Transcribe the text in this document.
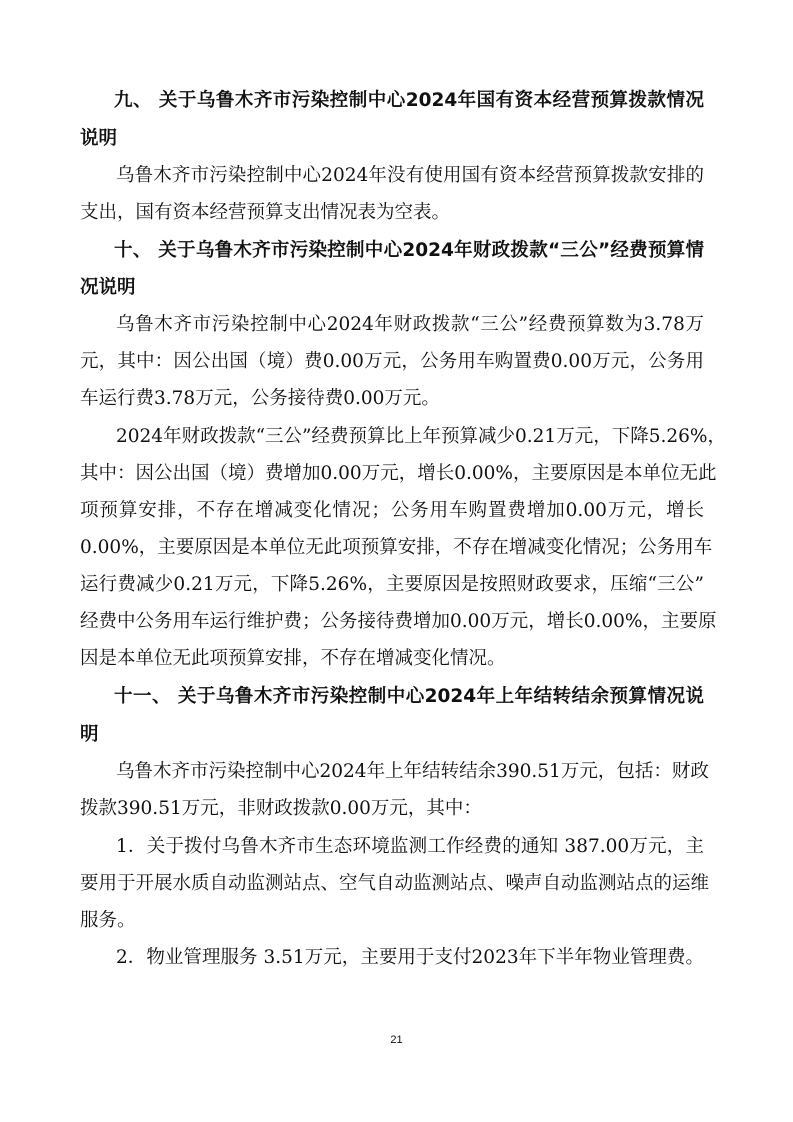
九、 关于乌鲁木齐市污染控制中心2024年国有资本经营预算拨款情况
说明
乌鲁木齐市污染控制中心2024年没有使用国有资本经营预算拨款安排的
支出，国有资本经营预算支出情况表为空表。
十、 关于乌鲁木齐市污染控制中心2024年财政拨款“三公”经费预算情
况说明
乌鲁木齐市污染控制中心2024年财政拨款“三公”经费预算数为3.78万
元，其中：因公出国（境）费0.00万元，公务用车购置费0.00万元，公务用
车运行费3.78万元，公务接待费0.00万元。
2024年财政拨款“三公”经费预算比上年预算减少0.21万元，下降5.26%，
其中：因公出国（境）费增加0.00万元，增长0.00%，主要原因是本单位无此
项预算安排，不存在增减变化情况；公务用车购置费增加0.00万元，增长
0.00%，主要原因是本单位无此项预算安排，不存在增减变化情况；公务用车
运行费减少0.21万元，下降5.26%，主要原因是按照财政要求，压缩“三公”
经费中公务用车运行维护费；公务接待费增加0.00万元，增长0.00%，主要原
因是本单位无此项预算安排，不存在增减变化情况。
十一、 关于乌鲁木齐市污染控制中心2024年上年结转结余预算情况说
明
乌鲁木齐市污染控制中心2024年上年结转结余390.51万元，包括：财政
拨款390.51万元，非财政拨款0.00万元，其中：
1．关于拨付乌鲁木齐市生态环境监测工作经费的通知 387.00万元，主
要用于开展水质自动监测站点、空气自动监测站点、噪声自动监测站点的运维
服务。
2．物业管理服务 3.51万元，主要用于支付2023年下半年物业管理费。
21
